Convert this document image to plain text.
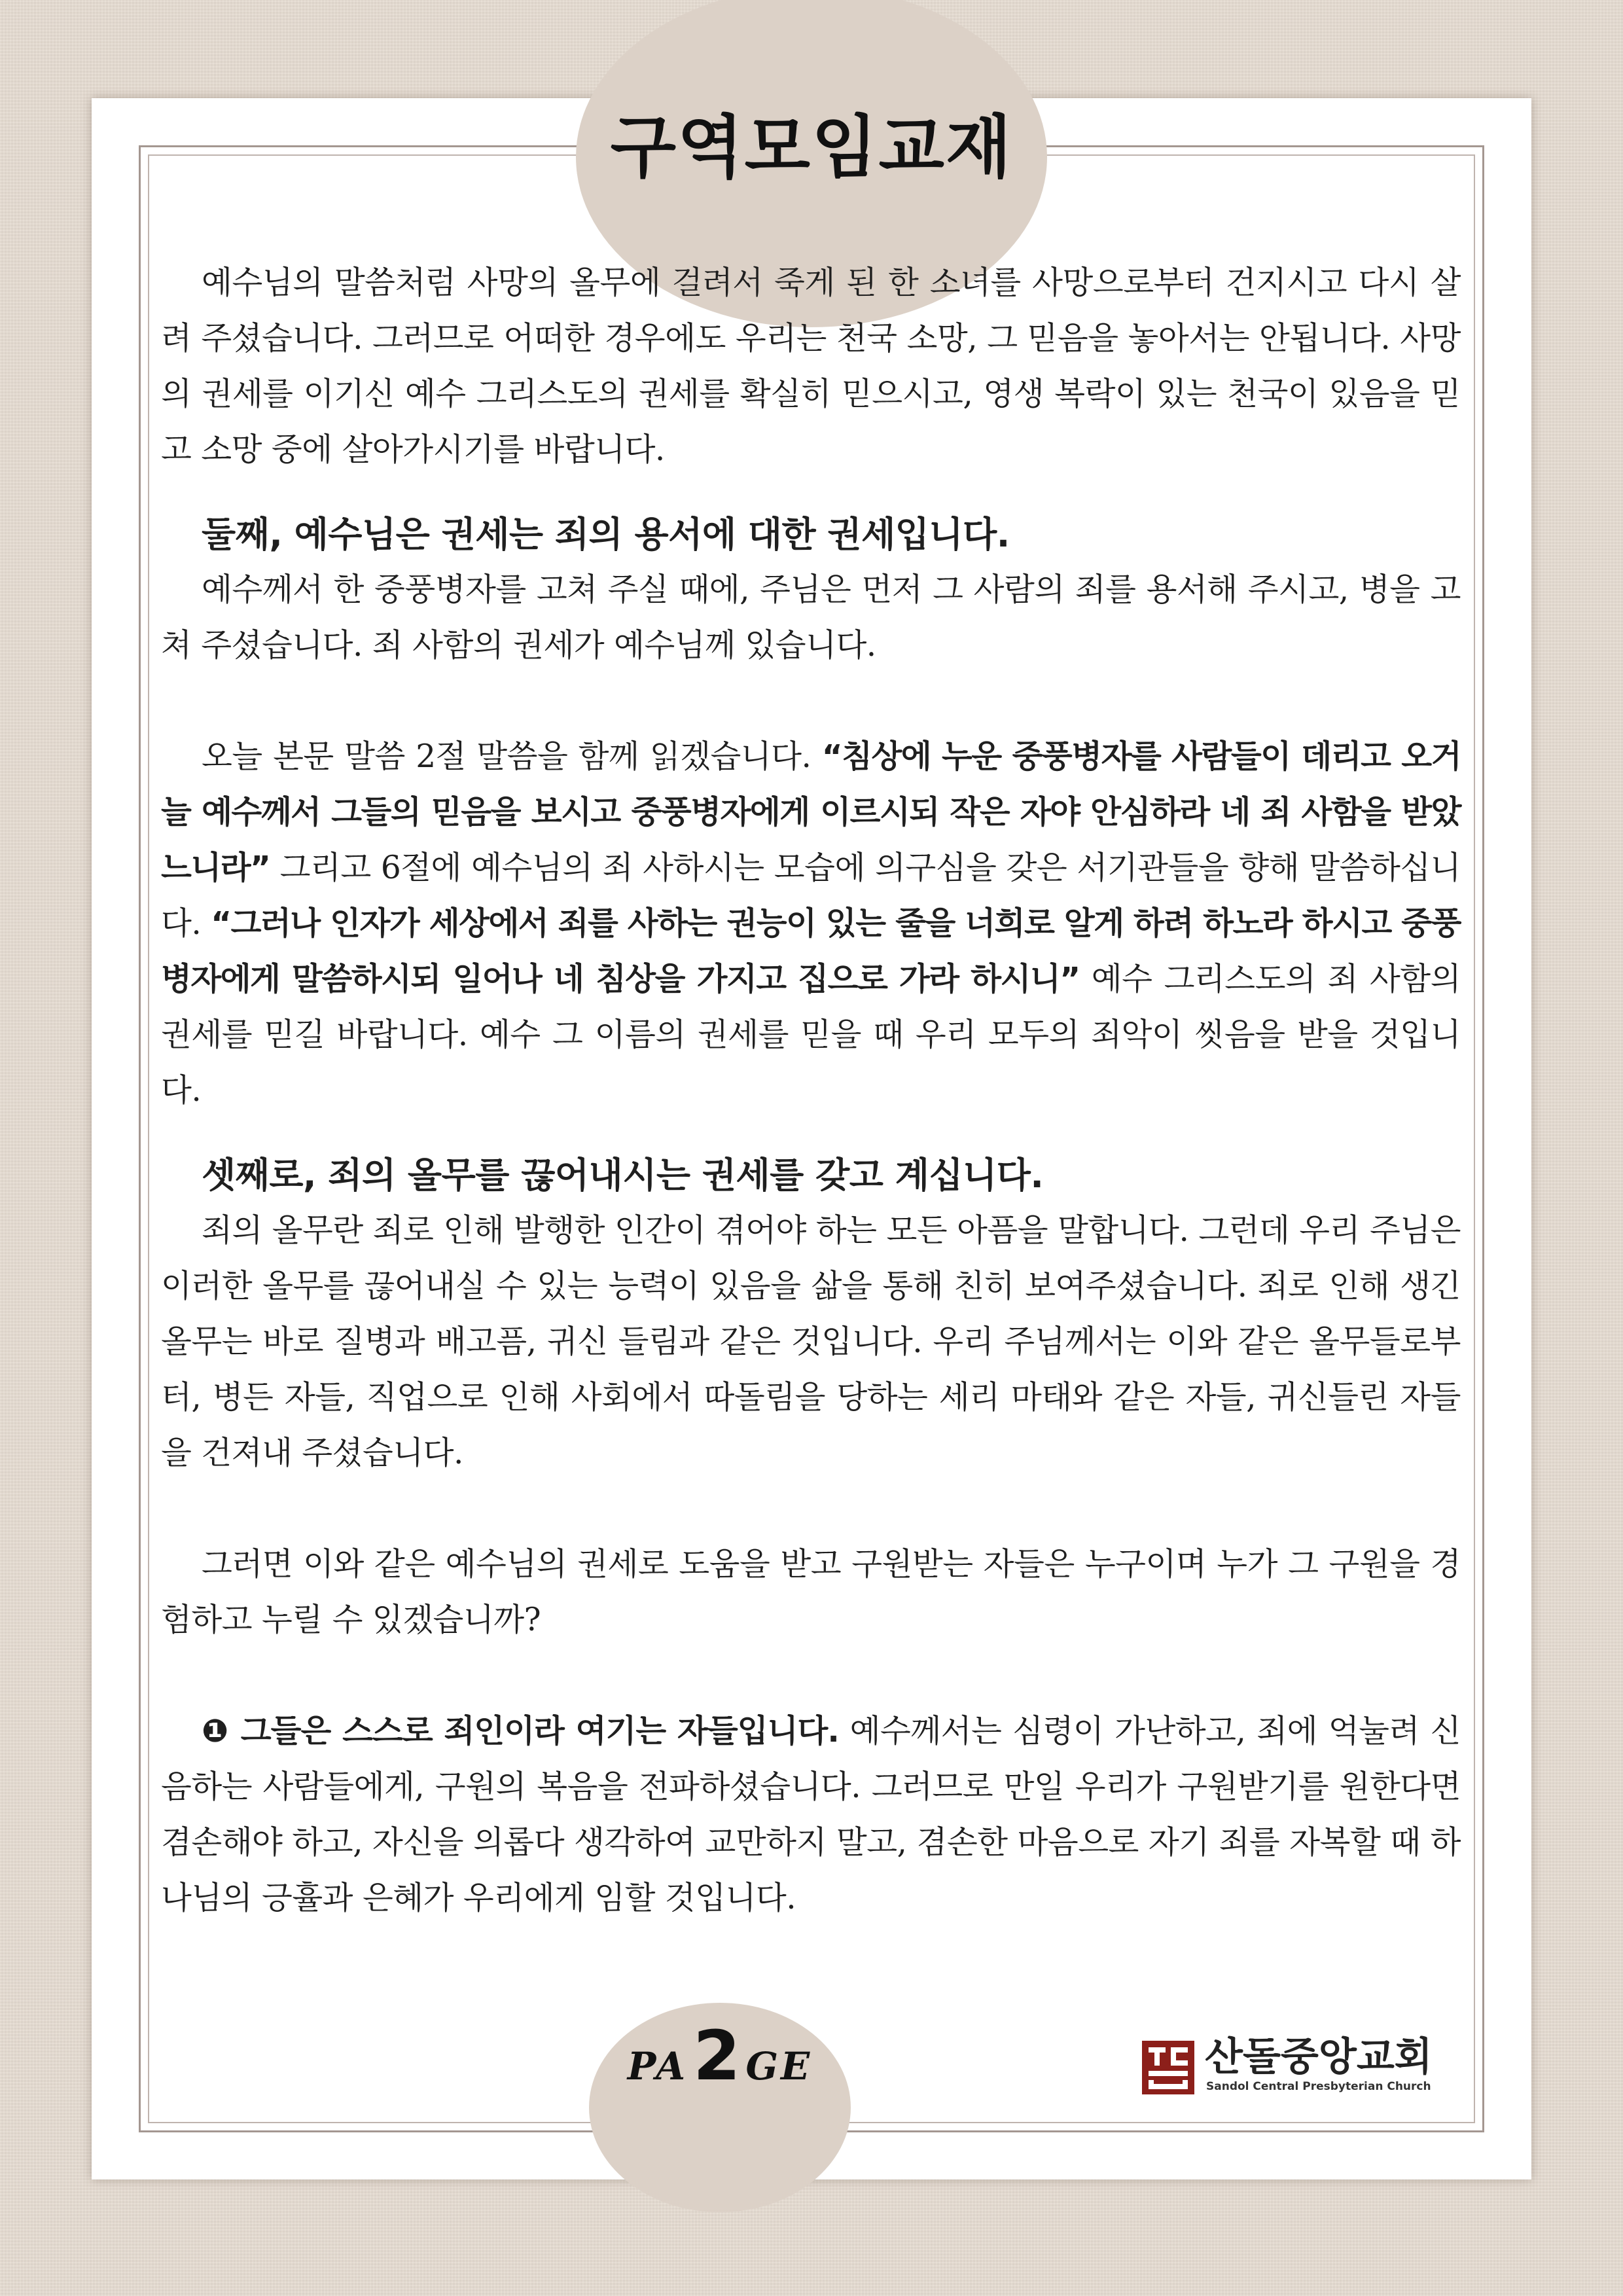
구역모임교재

예수님의 말씀처럼 사망의 올무에 걸려서 죽게 된 한 소녀를 사망으로부터 건지시고 다시 살려 주셨습니다. 그러므로 어떠한 경우에도 우리는 천국 소망, 그 믿음을 놓아서는 안됩니다. 사망의 권세를 이기신 예수 그리스도의 권세를 확실히 믿으시고, 영생 복락이 있는 천국이 있음을 믿고 소망 중에 살아가시기를 바랍니다.

둘째, 예수님은 권세는 죄의 용서에 대한 권세입니다.

예수께서 한 중풍병자를 고쳐 주실 때에, 주님은 먼저 그 사람의 죄를 용서해 주시고, 병을 고쳐 주셨습니다. 죄 사함의 권세가 예수님께 있습니다.

오늘 본문 말씀 2절 말씀을 함께 읽겠습니다. “침상에 누운 중풍병자를 사람들이 데리고 오거늘 예수께서 그들의 믿음을 보시고 중풍병자에게 이르시되 작은 자야 안심하라 네 죄 사함을 받았느니라” 그리고 6절에 예수님의 죄 사하시는 모습에 의구심을 갖은 서기관들을 향해 말씀하십니다. “그러나 인자가 세상에서 죄를 사하는 권능이 있는 줄을 너희로 알게 하려 하노라 하시고 중풍병자에게 말씀하시되 일어나 네 침상을 가지고 집으로 가라 하시니” 예수 그리스도의 죄 사함의 권세를 믿길 바랍니다. 예수 그 이름의 권세를 믿을 때 우리 모두의 죄악이 씻음을 받을 것입니다.

셋째로, 죄의 올무를 끊어내시는 권세를 갖고 계십니다.

죄의 올무란 죄로 인해 발행한 인간이 겪어야 하는 모든 아픔을 말합니다. 그런데 우리 주님은 이러한 올무를 끊어내실 수 있는 능력이 있음을 삶을 통해 친히 보여주셨습니다. 죄로 인해 생긴 올무는 바로 질병과 배고픔, 귀신 들림과 같은 것입니다. 우리 주님께서는 이와 같은 올무들로부터, 병든 자들, 직업으로 인해 사회에서 따돌림을 당하는 세리 마태와 같은 자들, 귀신들린 자들을 건져내 주셨습니다.

그러면 이와 같은 예수님의 권세로 도움을 받고 구원받는 자들은 누구이며 누가 그 구원을 경험하고 누릴 수 있겠습니까?

❶ 그들은 스스로 죄인이라 여기는 자들입니다. 예수께서는 심령이 가난하고, 죄에 억눌려 신음하는 사람들에게, 구원의 복음을 전파하셨습니다. 그러므로 만일 우리가 구원받기를 원한다면 겸손해야 하고, 자신을 의롭다 생각하여 교만하지 말고, 겸손한 마음으로 자기 죄를 자복할 때 하나님의 긍휼과 은혜가 우리에게 임할 것입니다.

산돌중앙교회
Sandol Central Presbyterian Church
PA2 GE
